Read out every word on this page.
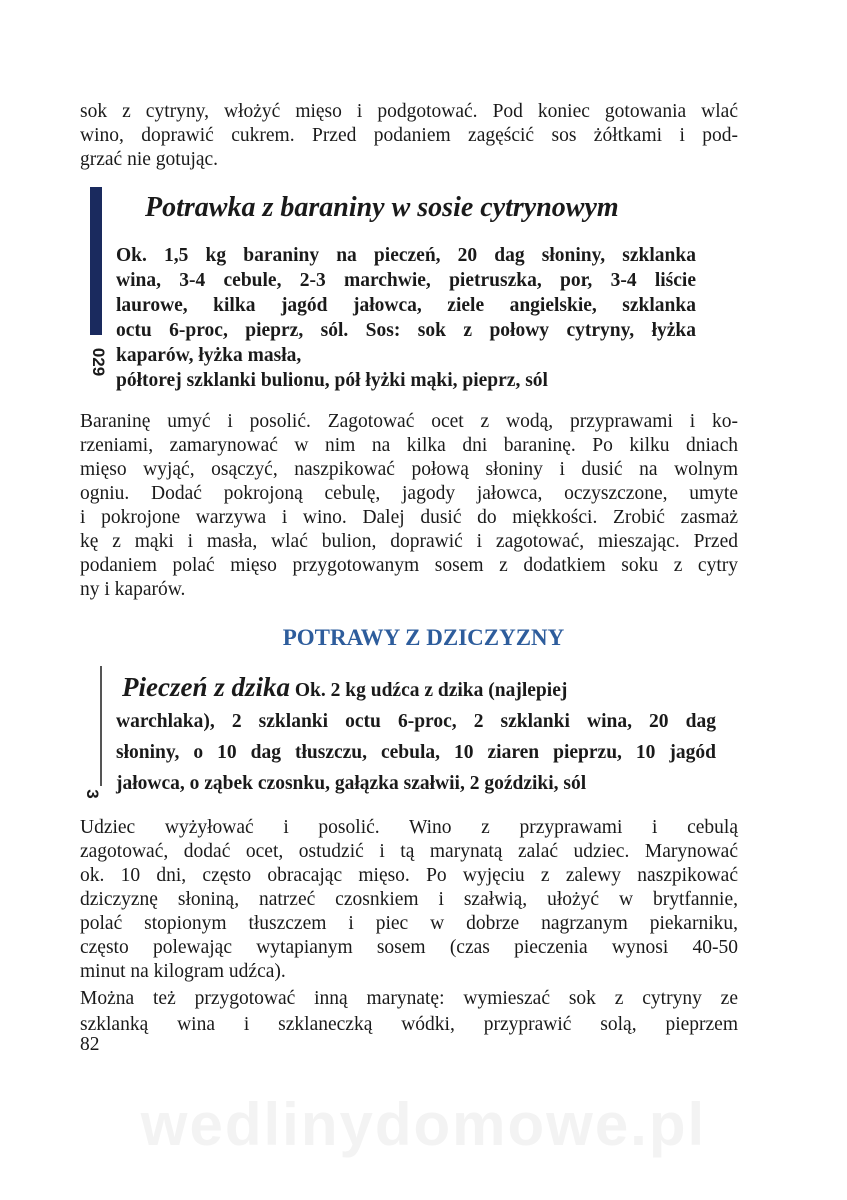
sok z cytryny, włożyć mięso i podgotować. Pod koniec gotowania wlać
wino, doprawić cukrem. Przed podaniem zagęścić sos żółtkami i pod-
grzać nie gotując.
029
Potrawka z baraniny w sosie cytrynowym
Ok. 1,5 kg baraniny na pieczeń, 20 dag słoniny, szklanka
wina, 3-4 cebule, 2-3 marchwie, pietruszka, por, 3-4 liście
laurowe, kilka jagód jałowca, ziele angielskie, szklanka
octu 6-proc, pieprz, sól. Sos: sok z połowy cytryny, łyżka
kaparów, łyżka masła,
półtorej szklanki bulionu, pół łyżki mąki, pieprz, sól
Baraninę umyć i posolić. Zagotować ocet z wodą, przyprawami i ko-
rzeniami, zamarynować w nim na kilka dni baraninę. Po kilku dniach
mięso wyjąć, osączyć, naszpikować połową słoniny i dusić na wolnym
ogniu. Dodać pokrojoną cebulę, jagody jałowca, oczyszczone, umyte
i pokrojone warzywa i wino. Dalej dusić do miękkości. Zrobić zasmaż
kę z mąki i masła, wlać bulion, doprawić i zagotować, mieszając. Przed
podaniem polać mięso przygotowanym sosem z dodatkiem soku z cytry
ny i kaparów.
POTRAWY Z DZICZYZNY
3
Pieczeń z dzika Ok. 2 kg udźca z dzika (najlepiej
warchlaka), 2 szklanki octu 6-proc, 2 szklanki wina, 20 dag
słoniny, o 10 dag tłuszczu, cebula, 10 ziaren pieprzu, 10 jagód
jałowca, o ząbek czosnku, gałązka szałwii, 2 goździki, sól
Udziec wyżyłować i posolić. Wino z przyprawami i cebulą
zagotować, dodać ocet, ostudzić i tą marynatą zalać udziec. Marynować
ok. 10 dni, często obracając mięso. Po wyjęciu z zalewy naszpikować
dziczyznę słoniną, natrzeć czosnkiem i szałwią, ułożyć w brytfannie,
polać stopionym tłuszczem i piec w dobrze nagrzanym piekarniku,
często polewając wytapianym sosem (czas pieczenia wynosi 40-50
minut na kilogram udźca).
Można też przygotować inną marynatę: wymieszać sok z cytryny ze
szklanką wina i szklaneczką wódki, przyprawić solą, pieprzem

82

wedlinydomowe.pl
